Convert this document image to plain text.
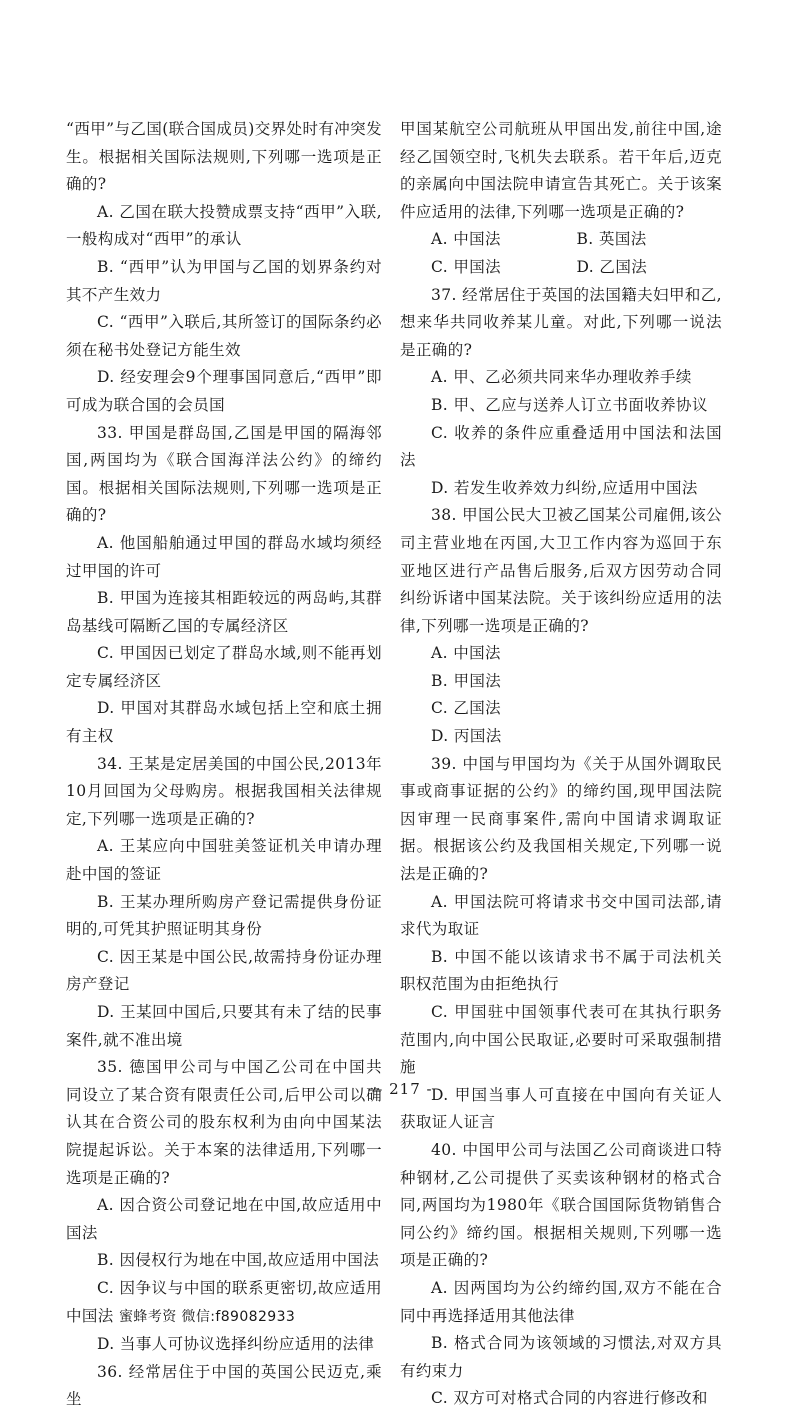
“西甲”与乙国(联合国成员)交界处时有冲突发生。根据相关国际法规则,下列哪一选项是正确的?

A. 乙国在联大投赞成票支持“西甲”入联,一般构成对“西甲”的承认

B. “西甲”认为甲国与乙国的划界条约对其不产生效力

C. “西甲”入联后,其所签订的国际条约必须在秘书处登记方能生效

D. 经安理会9个理事国同意后,“西甲”即可成为联合国的会员国

33. 甲国是群岛国,乙国是甲国的隔海邻国,两国均为《联合国海洋法公约》的缔约国。根据相关国际法规则,下列哪一选项是正确的?

A. 他国船舶通过甲国的群岛水域均须经过甲国的许可

B. 甲国为连接其相距较远的两岛屿,其群岛基线可隔断乙国的专属经济区

C. 甲国因已划定了群岛水域,则不能再划定专属经济区

D. 甲国对其群岛水域包括上空和底土拥有主权

34. 王某是定居美国的中国公民,2013年10月回国为父母购房。根据我国相关法律规定,下列哪一选项是正确的?

A. 王某应向中国驻美签证机关申请办理赴中国的签证

B. 王某办理所购房产登记需提供身份证明的,可凭其护照证明其身份

C. 因王某是中国公民,故需持身份证办理房产登记

D. 王某回中国后,只要其有未了结的民事案件,就不准出境

35. 德国甲公司与中国乙公司在中国共同设立了某合资有限责任公司,后甲公司以确认其在合资公司的股东权利为由向中国某法院提起诉讼。关于本案的法律适用,下列哪一选项是正确的?

A. 因合资公司登记地在中国,故应适用中国法

B. 因侵权行为地在中国,故应适用中国法

C. 因争议与中国的联系更密切,故应适用中国法 蜜蜂考资 微信:f89082933

D. 当事人可协议选择纠纷应适用的法律

36. 经常居住于中国的英国公民迈克,乘坐

甲国某航空公司航班从甲国出发,前往中国,途经乙国领空时,飞机失去联系。若干年后,迈克的亲属向中国法院申请宣告其死亡。关于该案件应适用的法律,下列哪一选项是正确的?

A. 中国法	B. 英国法
C. 甲国法	D. 乙国法

37. 经常居住于英国的法国籍夫妇甲和乙,想来华共同收养某儿童。对此,下列哪一说法是正确的?

A. 甲、乙必须共同来华办理收养手续

B. 甲、乙应与送养人订立书面收养协议

C. 收养的条件应重叠适用中国法和法国法

D. 若发生收养效力纠纷,应适用中国法

38. 甲国公民大卫被乙国某公司雇佣,该公司主营业地在丙国,大卫工作内容为巡回于东亚地区进行产品售后服务,后双方因劳动合同纠纷诉诸中国某法院。关于该纠纷应适用的法律,下列哪一选项是正确的?

A. 中国法

B. 甲国法

C. 乙国法

D. 丙国法

39. 中国与甲国均为《关于从国外调取民事或商事证据的公约》的缔约国,现甲国法院因审理一民商事案件,需向中国请求调取证据。根据该公约及我国相关规定,下列哪一说法是正确的?

A. 甲国法院可将请求书交中国司法部,请求代为取证

B. 中国不能以该请求书不属于司法机关职权范围为由拒绝执行

C. 甲国驻中国领事代表可在其执行职务范围内,向中国公民取证,必要时可采取强制措施

D. 甲国当事人可直接在中国向有关证人获取证人证言

40. 中国甲公司与法国乙公司商谈进口特种钢材,乙公司提供了买卖该种钢材的格式合同,两国均为1980年《联合国国际货物销售合同公约》缔约国。根据相关规则,下列哪一选项是正确的?

A. 因两国均为公约缔约国,双方不能在合同中再选择适用其他法律

B. 格式合同为该领域的习惯法,对双方具有约束力

C. 双方可对格式合同的内容进行修改和

— 217 -
